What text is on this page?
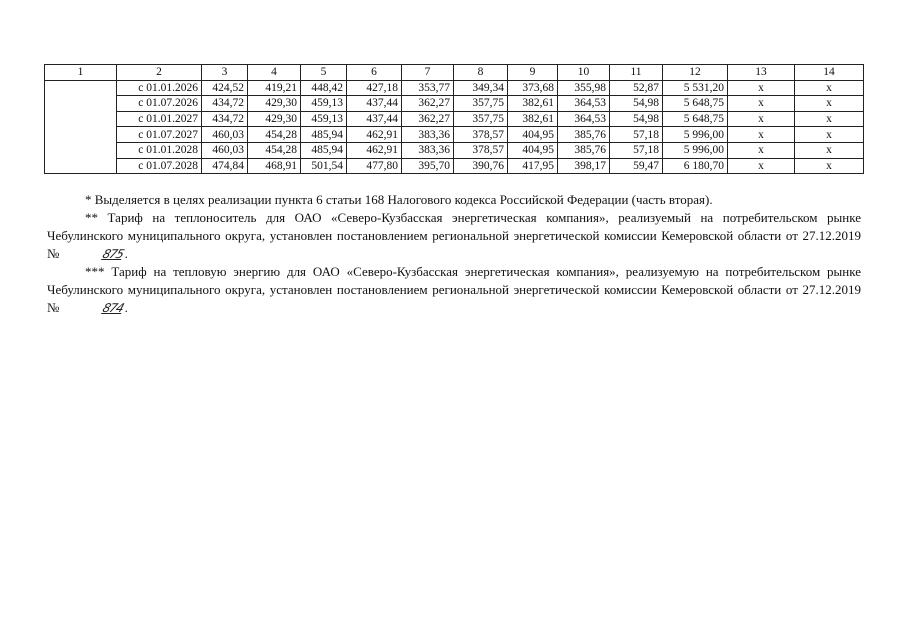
1	2	3	4	5	6	7	8	9	10	11	12	13	14
	с 01.01.2026	424,52	419,21	448,42	427,18	353,77	349,34	373,68	355,98	52,87	5 531,20	x	x
	с 01.07.2026	434,72	429,30	459,13	437,44	362,27	357,75	382,61	364,53	54,98	5 648,75	x	x
	с 01.01.2027	434,72	429,30	459,13	437,44	362,27	357,75	382,61	364,53	54,98	5 648,75	x	x
	с 01.07.2027	460,03	454,28	485,94	462,91	383,36	378,57	404,95	385,76	57,18	5 996,00	x	x
	с 01.01.2028	460,03	454,28	485,94	462,91	383,36	378,57	404,95	385,76	57,18	5 996,00	x	x
	с 01.07.2028	474,84	468,91	501,54	477,80	395,70	390,76	417,95	398,17	59,47	6 180,70	x	x

* Выделяется в целях реализации пункта 6 статьи 168 Налогового кодекса Российской Федерации (часть вторая).

** Тариф на теплоноситель для ОАО «Северо-Кузбасская энергетическая компания», реализуемый на потребительском рынке Чебулинского муниципального округа, установлен постановлением региональной энергетической комиссии Кемеровской области от 27.12.2019 №	875.

*** Тариф на тепловую энергию для ОАО «Северо-Кузбасская энергетическая компания», реализуемую на потребительском рынке Чебулинского муниципального округа, установлен постановлением региональной энергетической комиссии Кемеровской области от 27.12.2019 №	874.
